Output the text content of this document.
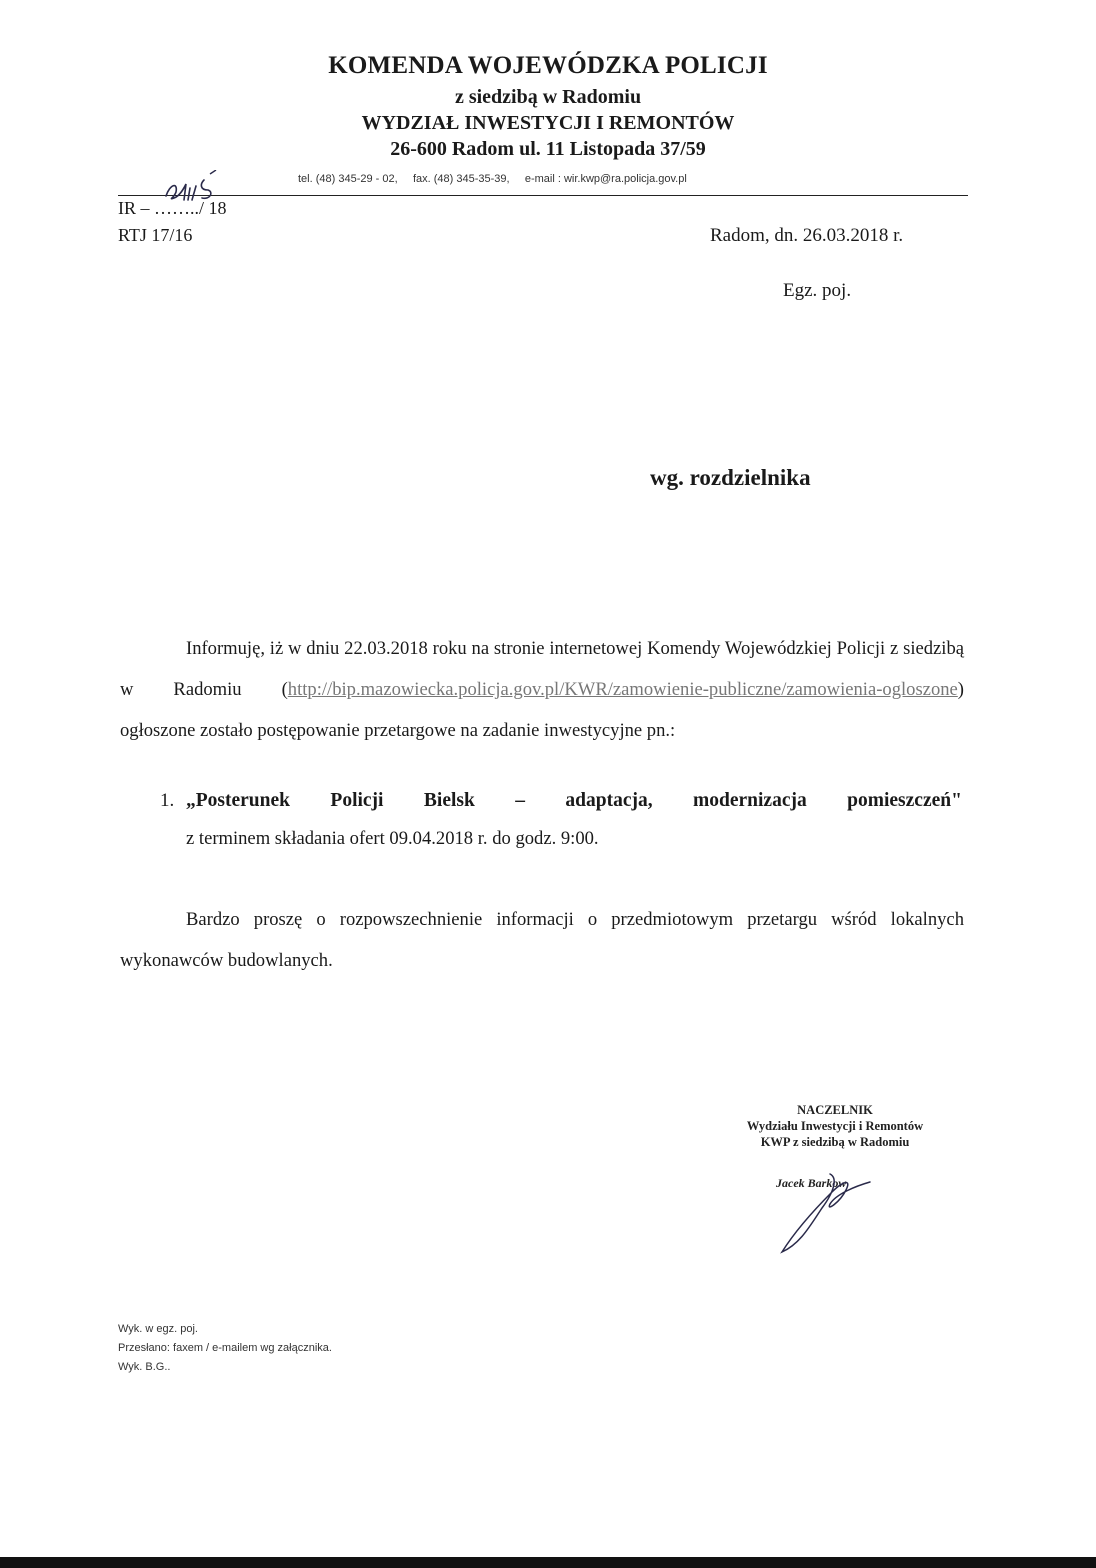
KOMENDA WOJEWÓDZKA POLICJI
z siedzibą w Radomiu
WYDZIAŁ INWESTYCJI I REMONTÓW
26-600 Radom ul. 11 Listopada 37/59
tel. (48) 345-29 - 02,     fax. (48) 345-35-39,     e-mail : wir.kwp@ra.policja.gov.pl
IR – ……../ 18
RTJ 17/16	Radom, dn. 26.03.2018 r.
Egz. poj.
wg. rozdzielnika
Informuję, iż w dniu 22.03.2018 roku na stronie internetowej Komendy Wojewódzkiej Policji z siedzibą w Radomiu (http://bip.mazowiecka.policja.gov.pl/KWR/zamowienie-publiczne/zamowienia-ogloszone) ogłoszone zostało postępowanie przetargowe na zadanie inwestycyjne pn.:
1. „Posterunek Policji Bielsk – adaptacja, modernizacja pomieszczeń"
z terminem składania ofert 09.04.2018 r. do godz. 9:00.
Bardzo proszę o rozpowszechnienie informacji o przedmiotowym przetargu wśród lokalnych wykonawców budowlanych.
NACZELNIK
Wydziału Inwestycji i Remontów
KWP z siedzibą w Radomiu
Jacek Barkow
Wyk. w egz. poj.
Przesłano: faxem / e-mailem wg załącznika.
Wyk. B.G..
